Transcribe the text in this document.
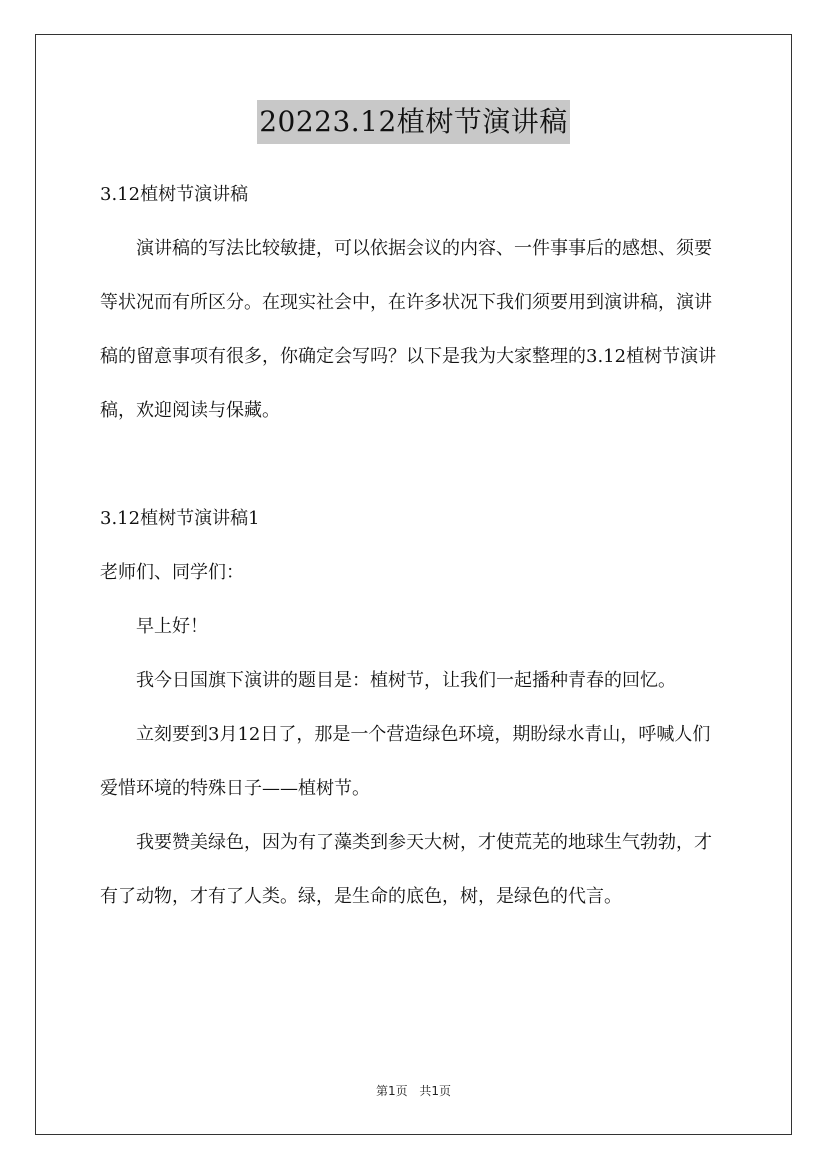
20223.12植树节演讲稿

3.12植树节演讲稿

演讲稿的写法比较敏捷，可以依据会议的内容、一件事事后的感想、须要等状况而有所区分。在现实社会中，在许多状况下我们须要用到演讲稿，演讲稿的留意事项有很多，你确定会写吗？以下是我为大家整理的3.12植树节演讲稿，欢迎阅读与保藏。

3.12植树节演讲稿1

老师们、同学们：

早上好！

我今日国旗下演讲的题目是：植树节，让我们一起播种青春的回忆。

立刻要到3月12日了，那是一个营造绿色环境，期盼绿水青山，呼喊人们爱惜环境的特殊日子——植树节。

我要赞美绿色，因为有了藻类到参天大树，才使荒芜的地球生气勃勃，才有了动物，才有了人类。绿，是生命的底色，树，是绿色的代言。

第1页 共1页
